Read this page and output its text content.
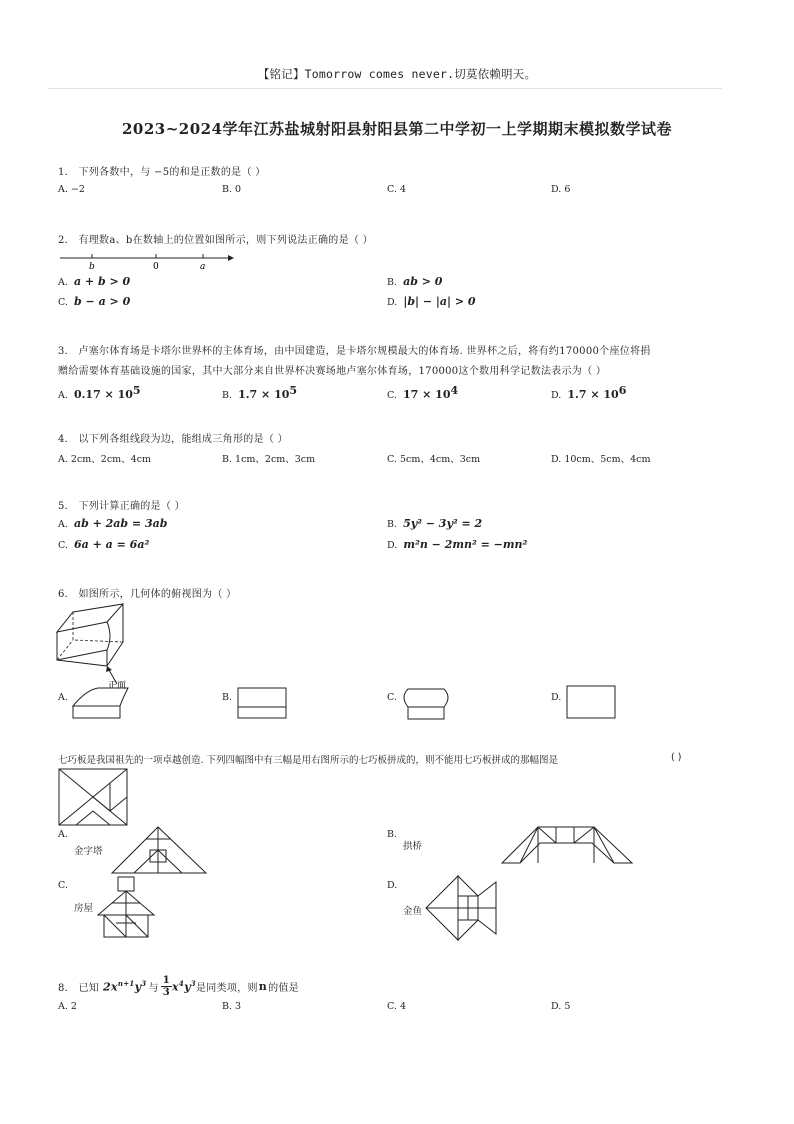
【铭记】Tomorrow comes never.切莫依赖明天。
2023~2024学年江苏盐城射阳县射阳县第二中学初一上学期期末模拟数学试卷
1． 下列各数中，与 −5的和是正数的是（ ）
A. −2	B. 0	C. 4	D. 6
2． 有理数a、b在数轴上的位置如图所示，则下列说法正确的是（ ）
b	0	a
A. a + b > 0	B. ab > 0
C. b − a > 0	D. |b| − |a| > 0
3． 卢塞尔体育场是卡塔尔世界杯的主体育场，由中国建造，是卡塔尔规模最大的体育场. 世界杯之后，将有约170000个座位将捐
赠给需要体育基础设施的国家，其中大部分来自世界杯决赛场地卢塞尔体育场，170000这个数用科学记数法表示为（ ）
A. $0.17 \times 10^5$	B. $1.7 \times 10^5$	C. $17 \times 10^4$	D. $1.7 \times 10^6$
4． 以下列各组线段为边，能组成三角形的是（ ）
A. 2cm、2cm、4cm	B. 1cm、2cm、3cm	C. 5cm、4cm、3cm	D. 10cm、5cm、4cm
5． 下列计算正确的是（ ）
A. ab + 2ab = 3ab	B. 5y² − 3y² = 2
C. 6a + a = 6a²	D. m²n − 2mn² = −mn²
6． 如图所示，几何体的俯视图为（ ）
正面
A.	B.	C.	D.
七巧板是我国祖先的一项卓越创造. 下列四幅图中有三幅是用右图所示的七巧板拼成的，则不能用七巧板拼成的那幅图是	( )
A.
金字塔
B.
拱桥
C.
房屋
D.
金鱼
8． 已知 $2x^{n+1}y^3$ 与
1
3 $x^4y^3$ 是同类项，则 n 的值是
A. 2	B. 3	C. 4	D. 5
